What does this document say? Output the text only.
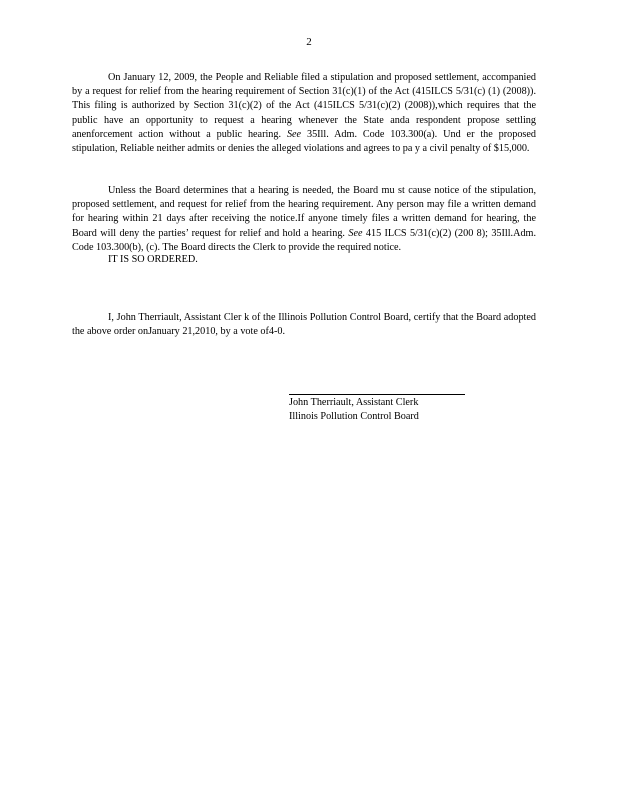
2

On January 12, 2009, the People and Reliable filed a stipulation and proposed settlement, accompanied by a request for relief from the hearing requirement of Section 31(c)(1) of the Act (415ILCS 5/31(c) (1) (2008)). This filing is authorized by Section 31(c)(2) of the Act (415ILCS 5/31(c)(2) (2008)),which requires that the public have an opportunity to request a hearing whenever the State anda respondent propose settling anenforcement action without a public hearing. See 35Ill. Adm. Code 103.300(a). Und er the proposed stipulation, Reliable neither admits or denies the alleged violations and agrees to pa y a civil penalty of $15,000.

Unless the Board determines that a hearing is needed, the Board mu st cause notice of the stipulation, proposed settlement, and request for relief from the hearing requirement. Any person may file a written demand for hearing within 21 days after receiving the notice.If anyone timely files a written demand for hearing, the Board will deny the parties’ request for relief and hold a hearing. See 415 ILCS 5/31(c)(2) (200 8); 35Ill.Adm. Code 103.300(b), (c). The Board directs the Clerk to provide the required notice.

IT IS SO ORDERED.

I, John Therriault, Assistant Cler k of the Illinois Pollution Control Board, certify that the Board adopted the above order onJanuary 21,2010, by a vote of4-0.

John Therriault, Assistant Clerk
Illinois Pollution Control Board
